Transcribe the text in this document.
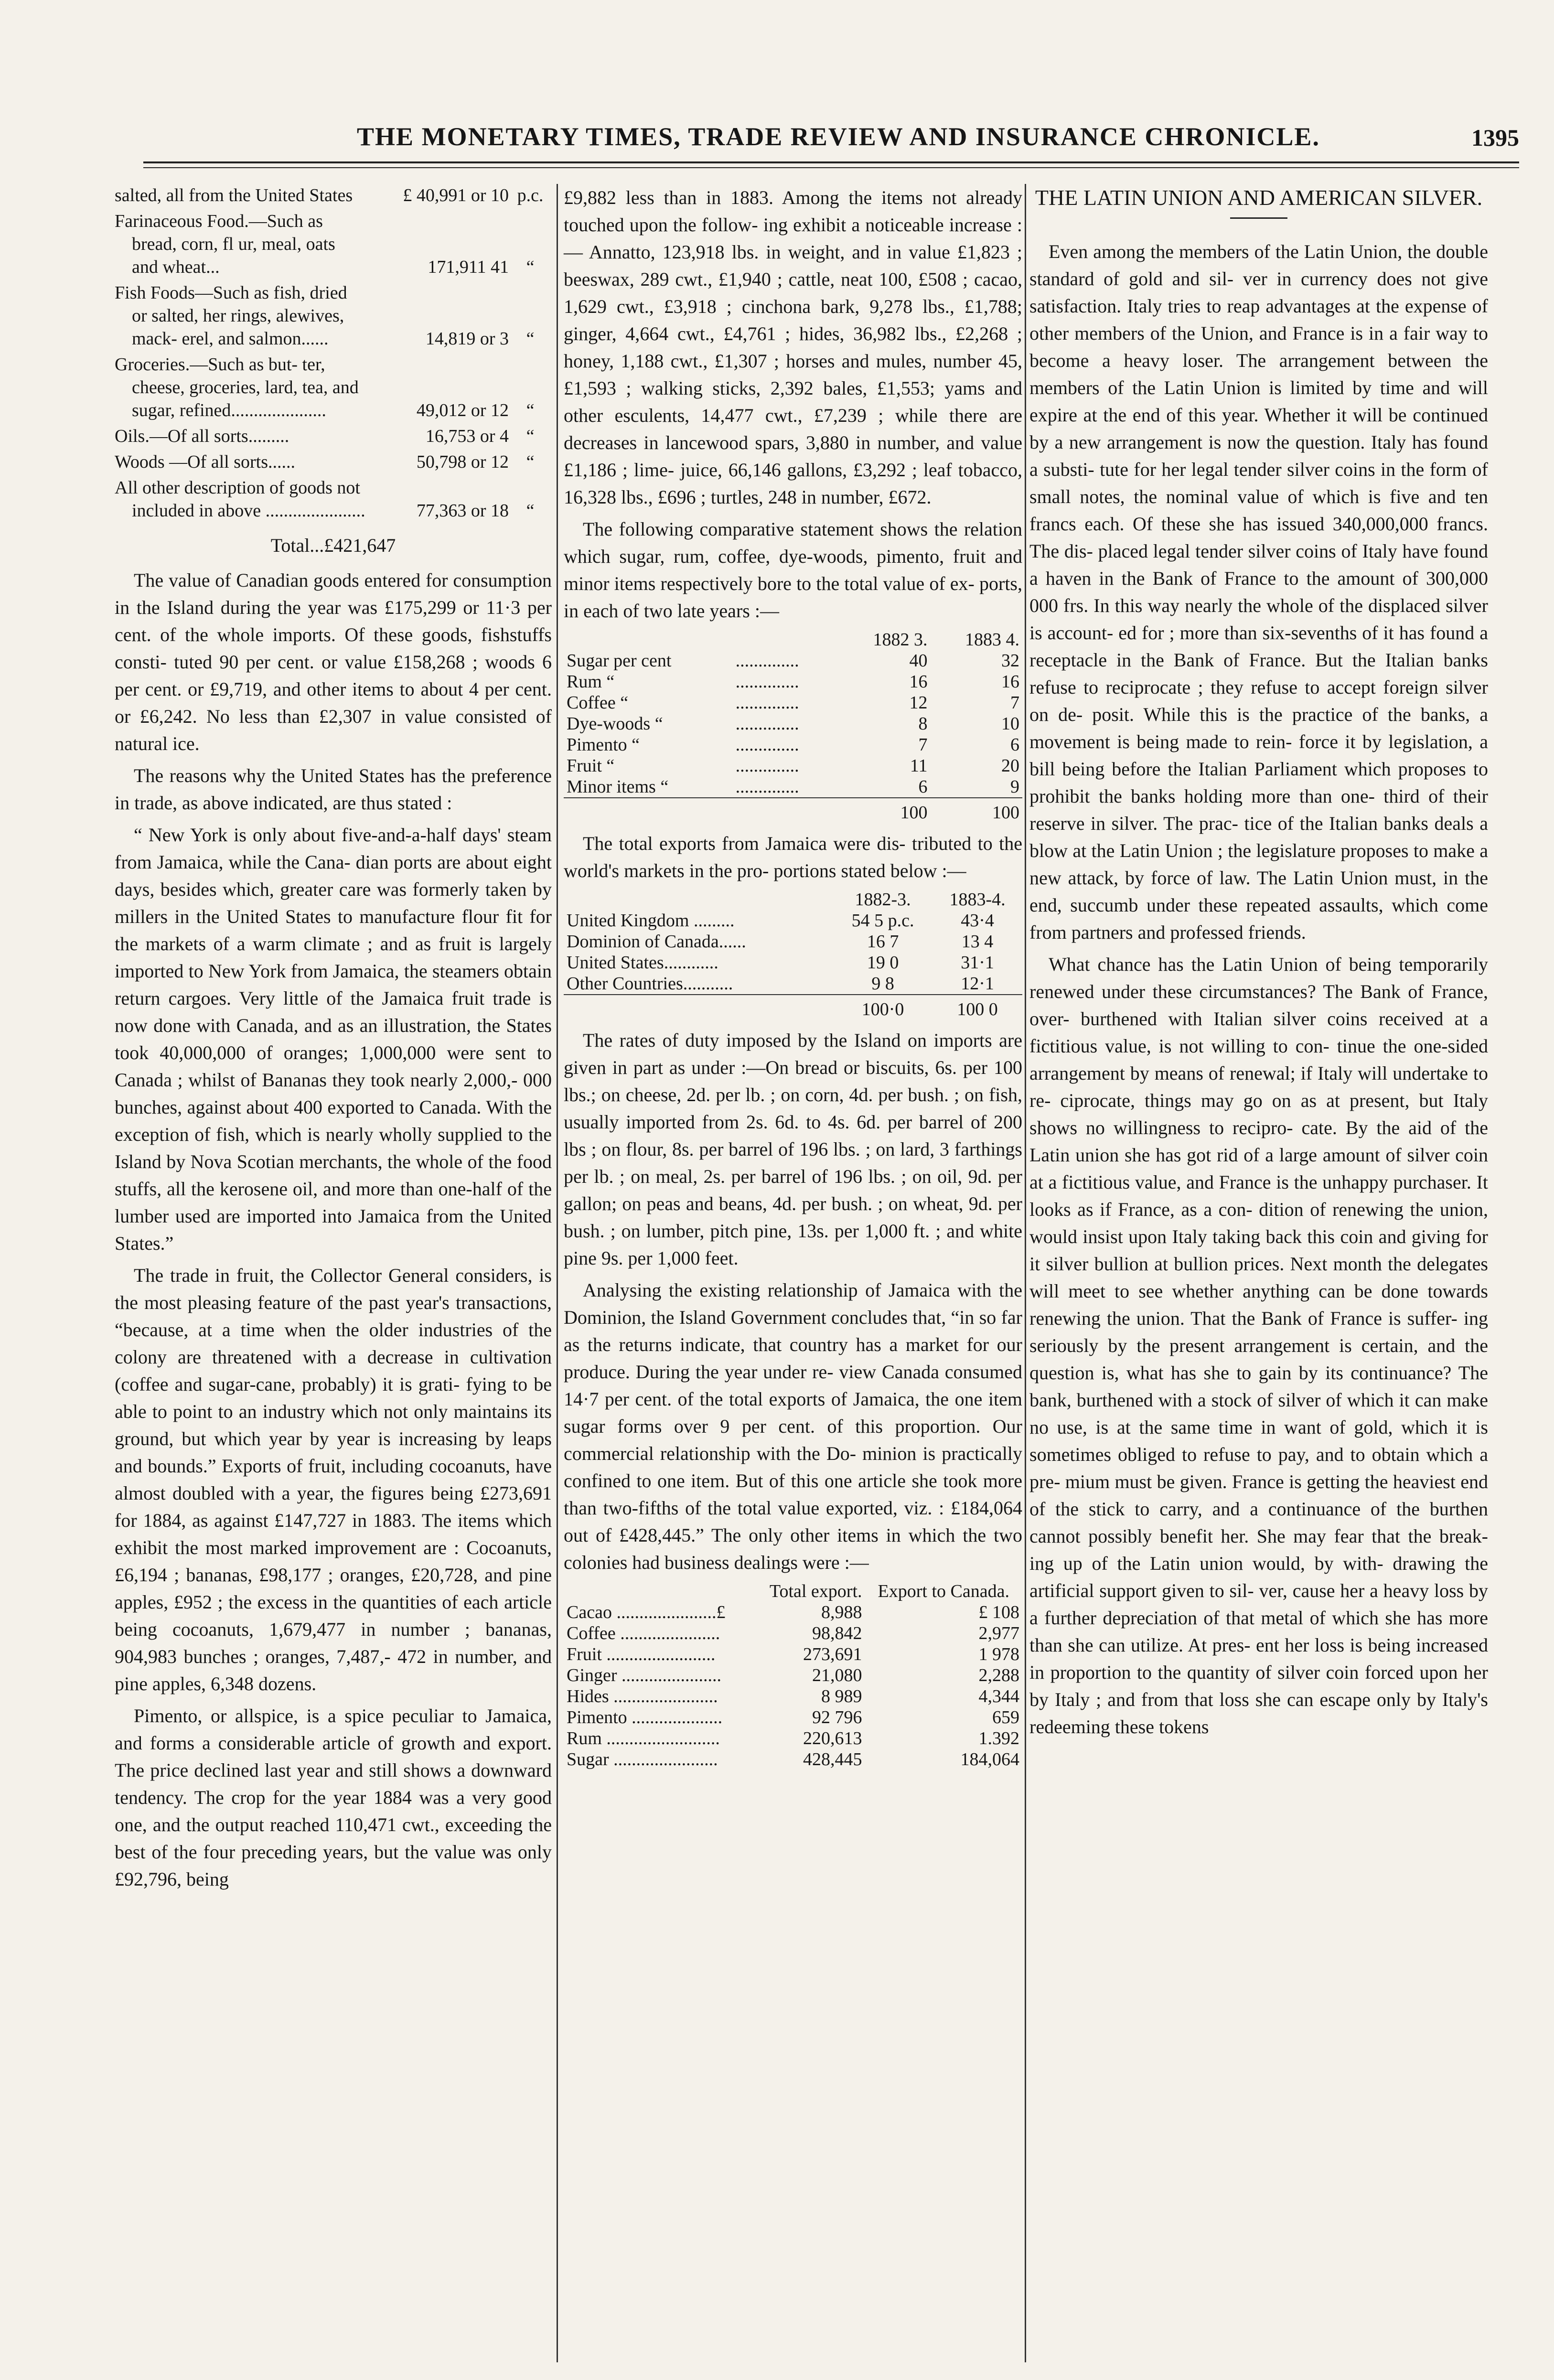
THE MONETARY TIMES, TRADE REVIEW AND INSURANCE CHRONICLE.	1395
salted, all from the United States	£ 40,991 or 10 p.c.
Farinaceous Food.—Such as bread, corn, fl ur, meal, oats and wheat...	171,911 41 “
Fish Foods—Such as fish, dried or salted, her rings, alewives, mack- erel, and salmon......	14,819 or 3 “
Groceries.—Such as but- ter, cheese, groceries, lard, tea, and sugar, refined.....................	49,012 or 12 “
Oils.—Of all sorts.........	16,753 or 4 “
Woods —Of all sorts......	50,798 or 12 “
All other description of goods not included in above ......................	77,363 or 18 “
Total...£421,647

The value of Canadian goods entered for consumption in the Island during the year was £175,299 or 11·3 per cent. of the whole imports. Of these goods, fishstuffs consti- tuted 90 per cent. or value £158,268 ; woods 6 per cent. or £9,719, and other items to about 4 per cent. or £6,242. No less than £2,307 in value consisted of natural ice.

The reasons why the United States has the preference in trade, as above indicated, are thus stated :

“ New York is only about five-and-a-half days' steam from Jamaica, while the Cana- dian ports are about eight days, besides which, greater care was formerly taken by millers in the United States to manufacture flour fit for the markets of a warm climate ; and as fruit is largely imported to New York from Jamaica, the steamers obtain return cargoes. Very little of the Jamaica fruit trade is now done with Canada, and as an illustration, the States took 40,000,000 of oranges; 1,000,000 were sent to Canada ; whilst of Bananas they took nearly 2,000,- 000 bunches, against about 400 exported to Canada. With the exception of fish, which is nearly wholly supplied to the Island by Nova Scotian merchants, the whole of the food stuffs, all the kerosene oil, and more than one-half of the lumber used are imported into Jamaica from the United States.”

The trade in fruit, the Collector General considers, is the most pleasing feature of the past year's transactions, “because, at a time when the older industries of the colony are threatened with a decrease in cultivation (coffee and sugar-cane, probably) it is grati- fying to be able to point to an industry which not only maintains its ground, but which year by year is increasing by leaps and bounds.” Exports of fruit, including cocoanuts, have almost doubled with a year, the figures being £273,691 for 1884, as against £147,727 in 1883. The items which exhibit the most marked improvement are : Cocoanuts, £6,194 ; bananas, £98,177 ; oranges, £20,728, and pine apples, £952 ; the excess in the quantities of each article being cocoanuts, 1,679,477 in number ; bananas, 904,983 bunches ; oranges, 7,487,- 472 in number, and pine apples, 6,348 dozens.

Pimento, or allspice, is a spice peculiar to Jamaica, and forms a considerable article of growth and export. The price declined last year and still shows a downward tendency. The crop for the year 1884 was a very good one, and the output reached 110,471 cwt., exceeding the best of the four preceding years, but the value was only £92,796, being

£9,882 less than in 1883. Among the items not already touched upon the follow- ing exhibit a noticeable increase :— Annatto, 123,918 lbs. in weight, and in value £1,823 ; beeswax, 289 cwt., £1,940 ; cattle, neat 100, £508 ; cacao, 1,629 cwt., £3,918 ; cinchona bark, 9,278 lbs., £1,788; ginger, 4,664 cwt., £4,761 ; hides, 36,982 lbs., £2,268 ; honey, 1,188 cwt., £1,307 ; horses and mules, number 45, £1,593 ; walking sticks, 2,392 bales, £1,553; yams and other esculents, 14,477 cwt., £7,239 ; while there are decreases in lancewood spars, 3,880 in number, and value £1,186 ; lime- juice, 66,146 gallons, £3,292 ; leaf tobacco, 16,328 lbs., £696 ; turtles, 248 in number, £672.

The following comparative statement shows the relation which sugar, rum, coffee, dye-woods, pimento, fruit and minor items respectively bore to the total value of ex- ports, in each of two late years :—

		1882 3.	1883 4.
Sugar per cent	..............	40	32
Rum “	..............	16	16
Coffee “	..............	12	7
Dye-woods “	..............	8	10
Pimento “	..............	7	6
Fruit “	..............	11	20
Minor items “	..............	6	9
		100	100

The total exports from Jamaica were dis- tributed to the world's markets in the pro- portions stated below :—

	1882-3.	1883-4.
United Kingdom .........	54 5 p.c.	43·4
Dominion of Canada......	16 7	13 4
United States............	19 0	31·1
Other Countries...........	9 8	12·1
	100·0	100 0

The rates of duty imposed by the Island on imports are given in part as under :—On bread or biscuits, 6s. per 100 lbs.; on cheese, 2d. per lb. ; on corn, 4d. per bush. ; on fish, usually imported from 2s. 6d. to 4s. 6d. per barrel of 200 lbs ; on flour, 8s. per barrel of 196 lbs. ; on lard, 3 farthings per lb. ; on meal, 2s. per barrel of 196 lbs. ; on oil, 9d. per gallon; on peas and beans, 4d. per bush. ; on wheat, 9d. per bush. ; on lumber, pitch pine, 13s. per 1,000 ft. ; and white pine 9s. per 1,000 feet.

Analysing the existing relationship of Jamaica with the Dominion, the Island Government concludes that, “in so far as the returns indicate, that country has a market for our produce. During the year under re- view Canada consumed 14·7 per cent. of the total exports of Jamaica, the one item sugar forms over 9 per cent. of this proportion. Our commercial relationship with the Do- minion is practically confined to one item. But of this one article she took more than two-fifths of the total value exported, viz. : £184,064 out of £428,445.” The only other items in which the two colonies had business dealings were :—

	Total export.	Export to Canada.
Cacao ......................£	8,988	£ 108
Coffee ......................	98,842	2,977
Fruit ........................	273,691	1 978
Ginger ......................	21,080	2,288
Hides .......................	8 989	4,344
Pimento ....................	92 796	659
Rum .........................	220,613	1.392
Sugar .......................	428,445	184,064
THE LATIN UNION AND AMERICAN SILVER.

Even among the members of the Latin Union, the double standard of gold and sil- ver in currency does not give satisfaction. Italy tries to reap advantages at the expense of other members of the Union, and France is in a fair way to become a heavy loser. The arrangement between the members of the Latin Union is limited by time and will expire at the end of this year. Whether it will be continued by a new arrangement is now the question. Italy has found a substi- tute for her legal tender silver coins in the form of small notes, the nominal value of which is five and ten francs each. Of these she has issued 340,000,000 francs. The dis- placed legal tender silver coins of Italy have found a haven in the Bank of France to the amount of 300,000 000 frs. In this way nearly the whole of the displaced silver is account- ed for ; more than six-sevenths of it has found a receptacle in the Bank of France. But the Italian banks refuse to reciprocate ; they refuse to accept foreign silver on de- posit. While this is the practice of the banks, a movement is being made to rein- force it by legislation, a bill being before the Italian Parliament which proposes to prohibit the banks holding more than one- third of their reserve in silver. The prac- tice of the Italian banks deals a blow at the Latin Union ; the legislature proposes to make a new attack, by force of law. The Latin Union must, in the end, succumb under these repeated assaults, which come from partners and professed friends.

What chance has the Latin Union of being temporarily renewed under these circumstances? The Bank of France, over- burthened with Italian silver coins received at a fictitious value, is not willing to con- tinue the one-sided arrangement by means of renewal; if Italy will undertake to re- ciprocate, things may go on as at present, but Italy shows no willingness to recipro- cate. By the aid of the Latin union she has got rid of a large amount of silver coin at a fictitious value, and France is the unhappy purchaser. It looks as if France, as a con- dition of renewing the union, would insist upon Italy taking back this coin and giving for it silver bullion at bullion prices. Next month the delegates will meet to see whether anything can be done towards renewing the union. That the Bank of France is suffer- ing seriously by the present arrangement is certain, and the question is, what has she to gain by its continuance? The bank, burthened with a stock of silver of which it can make no use, is at the same time in want of gold, which it is sometimes obliged to refuse to pay, and to obtain which a pre- mium must be given. France is getting the heaviest end of the stick to carry, and a continuance of the burthen cannot possibly benefit her. She may fear that the break- ing up of the Latin union would, by with- drawing the artificial support given to sil- ver, cause her a heavy loss by a further depreciation of that metal of which she has more than she can utilize. At pres- ent her loss is being increased in proportion to the quantity of silver coin forced upon her by Italy ; and from that loss she can escape only by Italy's redeeming these tokens
